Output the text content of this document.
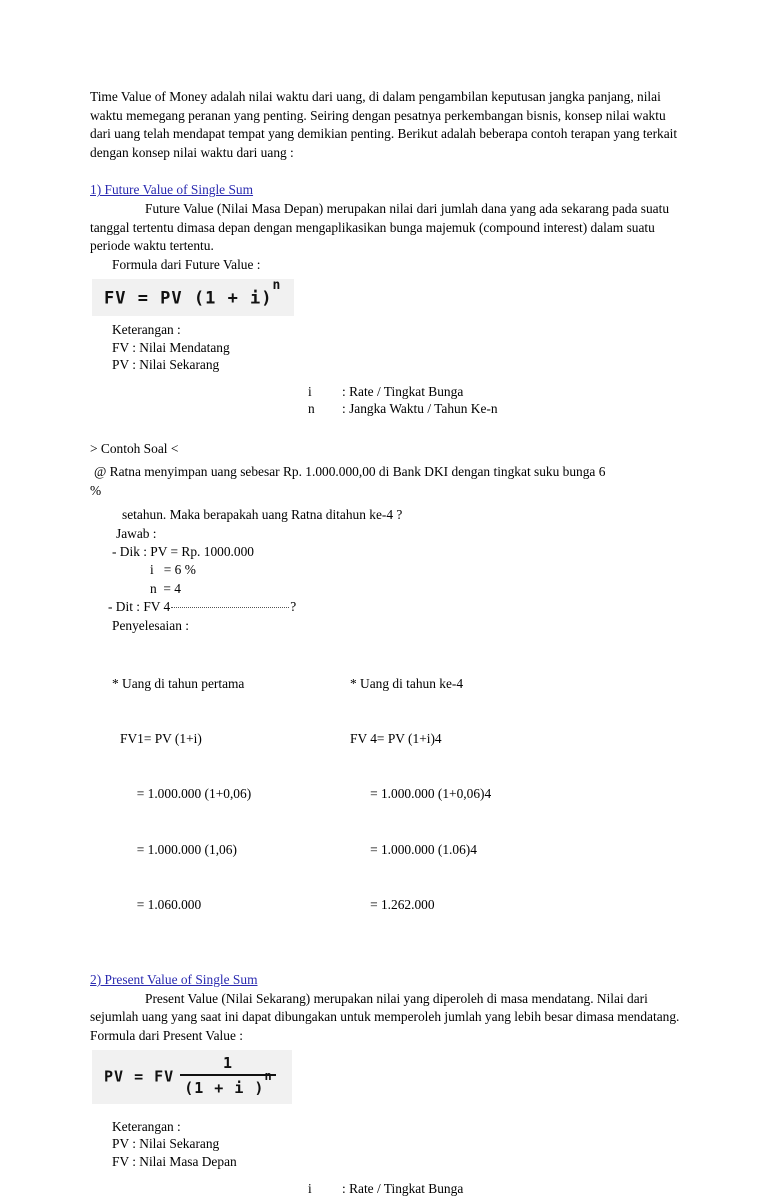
Time Value of Money adalah nilai waktu dari uang, di dalam pengambilan keputusan jangka panjang, nilai waktu memegang peranan yang penting. Seiring dengan pesatnya perkembangan bisnis, konsep nilai waktu dari uang telah mendapat tempat yang demikian penting. Berikut adalah beberapa contoh terapan yang terkait dengan konsep nilai waktu dari uang :

1) Future Value of Single Sum

Future Value (Nilai Masa Depan) merupakan nilai dari jumlah dana yang ada sekarang pada suatu tanggal tertentu dimasa depan dengan mengaplikasikan bunga majemuk (compound interest) dalam suatu periode waktu tertentu.

Formula dari Future Value :

FV = PV $(1 + i)^n$

Keterangan :

FV : Nilai Mendatang

PV : Nilai Sekarang

i : Rate / Tingkat Bunga

n : Jangka Waktu / Tahun Ke-n

> Contoh Soal <

@ Ratna menyimpan uang sebesar Rp. 1.000.000,00 di Bank DKI dengan tingkat suku bunga 6

%

setahun. Maka berapakah uang Ratna ditahun ke-4 ?

Jawab :

- Dik : PV = Rp. 1000.000

i   = 6 %

n  = 4

- Dit : FV 4	?

Penyelesaian :

* Uang di tahun pertama

FV1= PV (1+i)

= 1.000.000 (1+0,06)

= 1.000.000 (1,06)

= 1.060.000

* Uang di tahun ke-4

FV 4= PV (1+i)4

= 1.000.000 (1+0,06)4

= 1.000.000 (1.06)4

= 1.262.000

2) Present Value of Single Sum

Present Value (Nilai Sekarang) merupakan nilai yang diperoleh di masa mendatang. Nilai dari sejumlah uang yang saat ini dapat dibungakan untuk memperoleh jumlah yang lebih besar dimasa mendatang.

Formula dari Present Value :

PV = FV $\frac{1}{(1 + i )^n}$

Keterangan :

PV : Nilai Sekarang

FV : Nilai Masa Depan

i : Rate / Tingkat Bunga
